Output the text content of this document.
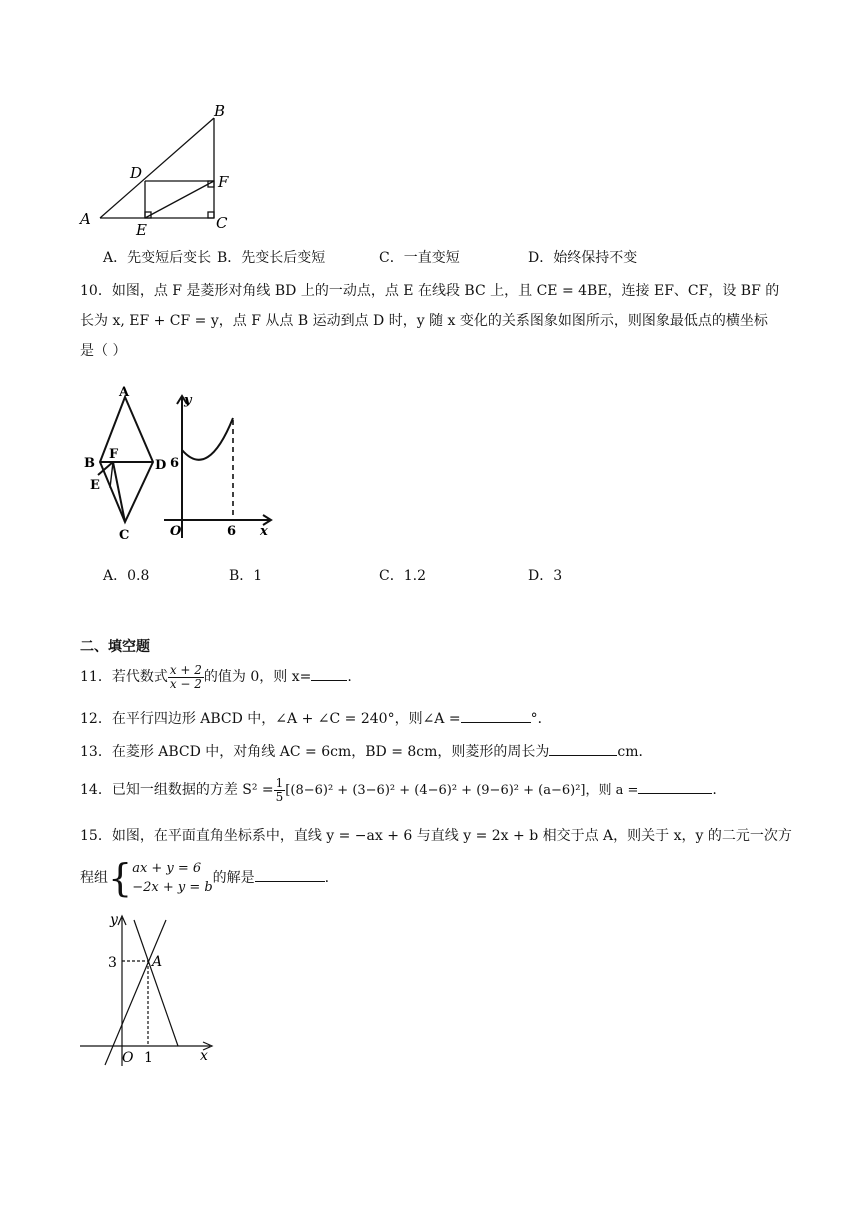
B
D	F
A
E	C
A．先变短后变长 B．先变长后变短	C．一直变短	D．始终保持不变
10．如图，点 F 是菱形对角线 BD 上的一动点，点 E 在线段 BC 上，且 CE = 4BE，连接 EF、CF，设 BF 的
长为 x, EF + CF = y，点 F 从点 B 运动到点 D 时，y 随 x 变化的关系图象如图所示，则图象最低点的横坐标
是（ ）
A
B
F
D
E
C
y
6
O	6 x
A．0.8	B．1	C．1.2	D．3
二、填空题
11．若代数式 $\frac{x + 2}{x - 2}$ 的值为 0，则 x=	.
12．在平行四边形 ABCD 中，∠A + ∠C = 240°，则∠A =	°．
13．在菱形 ABCD 中，对角线 AC = 6cm，BD = 8cm，则菱形的周长为	cm．
14．已知一组数据的方差 $S^2 = \frac{1}{5} [(8-6)^2 + (3-6)^2 + (4-6)^2 + (9-6)^2 + (a-6)^2]$，则 a =	.
15．如图，在平面直角坐标系中，直线 y = −ax + 6 与直线 y = 2x + b 相交于点 A，则关于 x，y 的二元一次方
程组{ ax + y = 6
−2x + y = b
的解是	.
y
3	A
O 1	x
